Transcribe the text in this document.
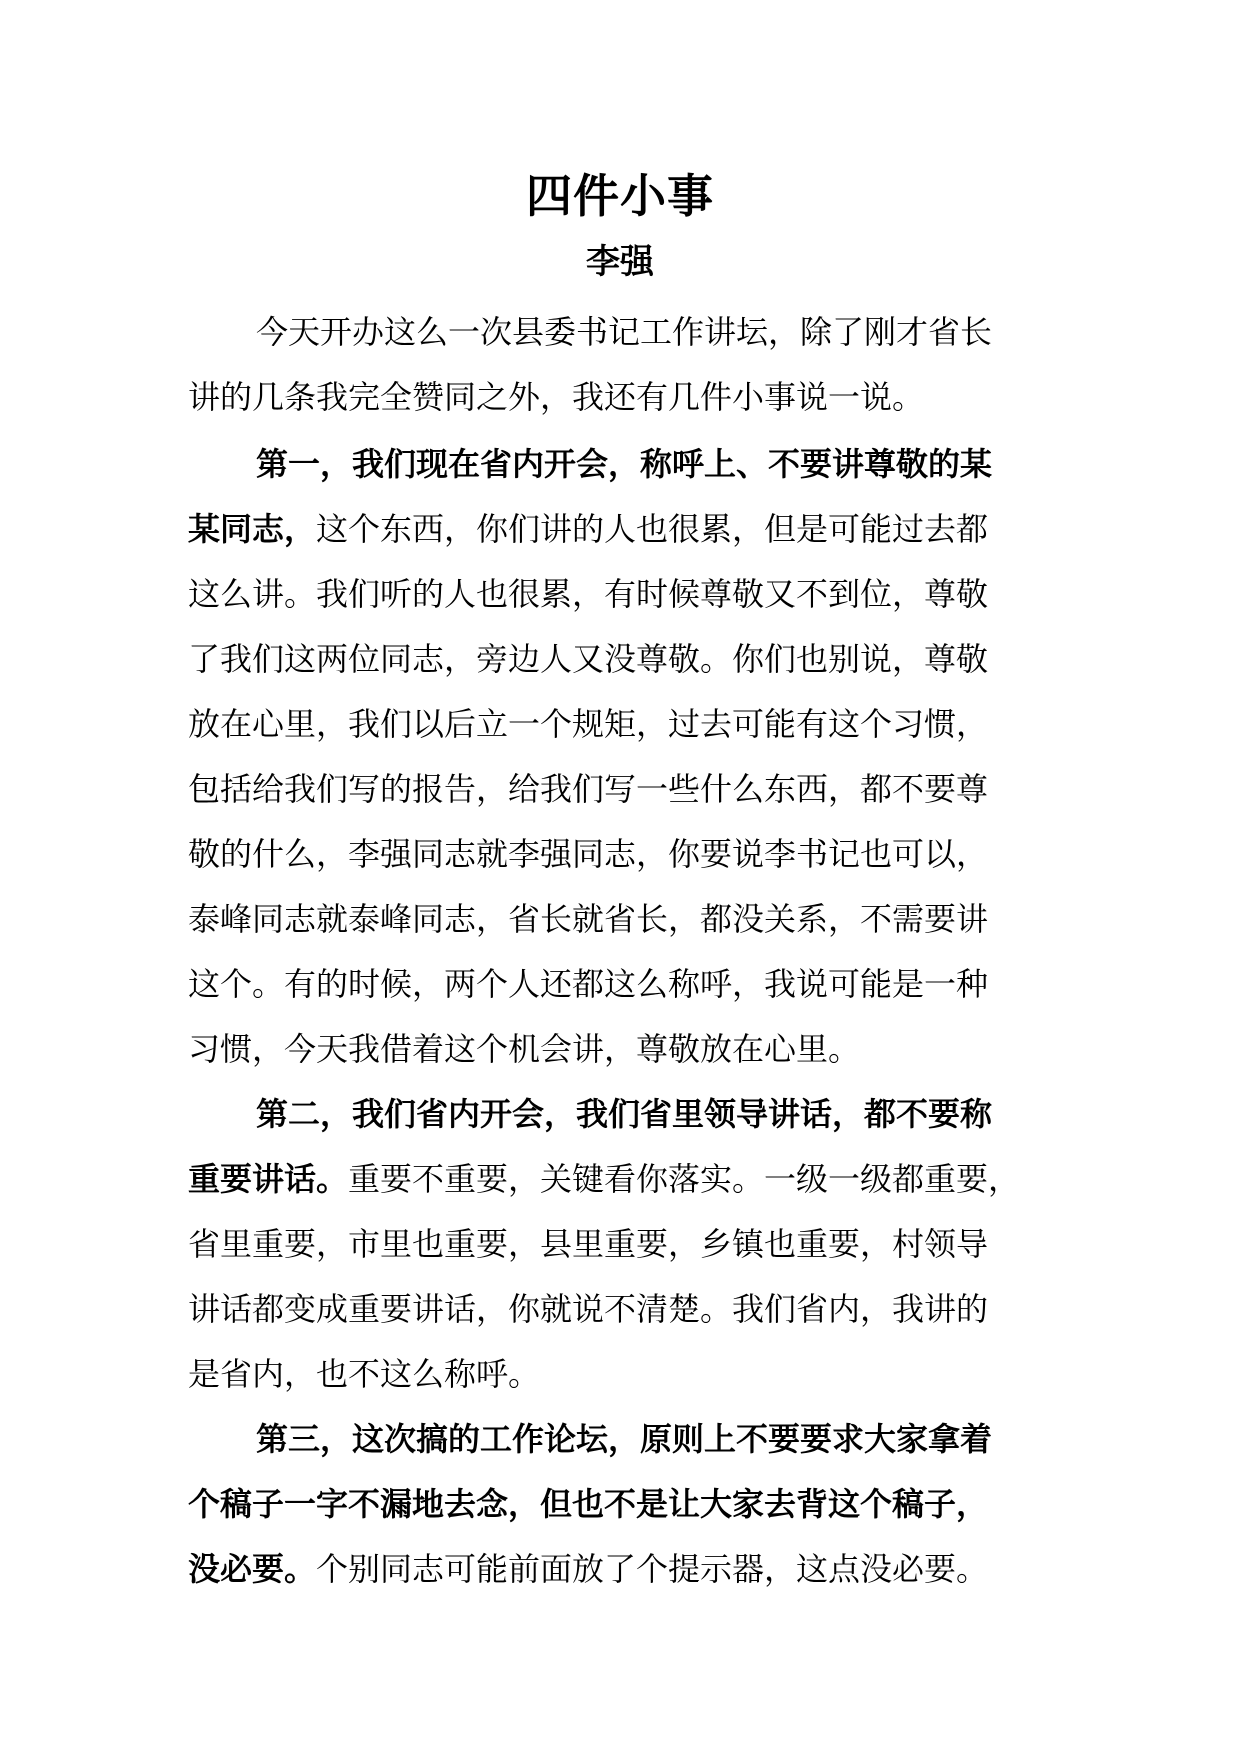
四件小事
李强
今天开办这么一次县委书记工作讲坛，除了刚才省长
讲的几条我完全赞同之外，我还有几件小事说一说。
第一，我们现在省内开会，称呼上、不要讲尊敬的某
某同志，这个东西，你们讲的人也很累，但是可能过去都
这么讲。我们听的人也很累，有时候尊敬又不到位，尊敬
了我们这两位同志，旁边人又没尊敬。你们也别说，尊敬
放在心里，我们以后立一个规矩，过去可能有这个习惯，
包括给我们写的报告，给我们写一些什么东西，都不要尊
敬的什么，李强同志就李强同志，你要说李书记也可以，
泰峰同志就泰峰同志，省长就省长，都没关系，不需要讲
这个。有的时候，两个人还都这么称呼，我说可能是一种
习惯，今天我借着这个机会讲，尊敬放在心里。
第二，我们省内开会，我们省里领导讲话，都不要称
重要讲话。重要不重要，关键看你落实。一级一级都重要，
省里重要，市里也重要，县里重要，乡镇也重要，村领导
讲话都变成重要讲话，你就说不清楚。我们省内，我讲的
是省内，也不这么称呼。
第三，这次搞的工作论坛，原则上不要要求大家拿着
个稿子一字不漏地去念，但也不是让大家去背这个稿子，
没必要。个别同志可能前面放了个提示器，这点没必要。
